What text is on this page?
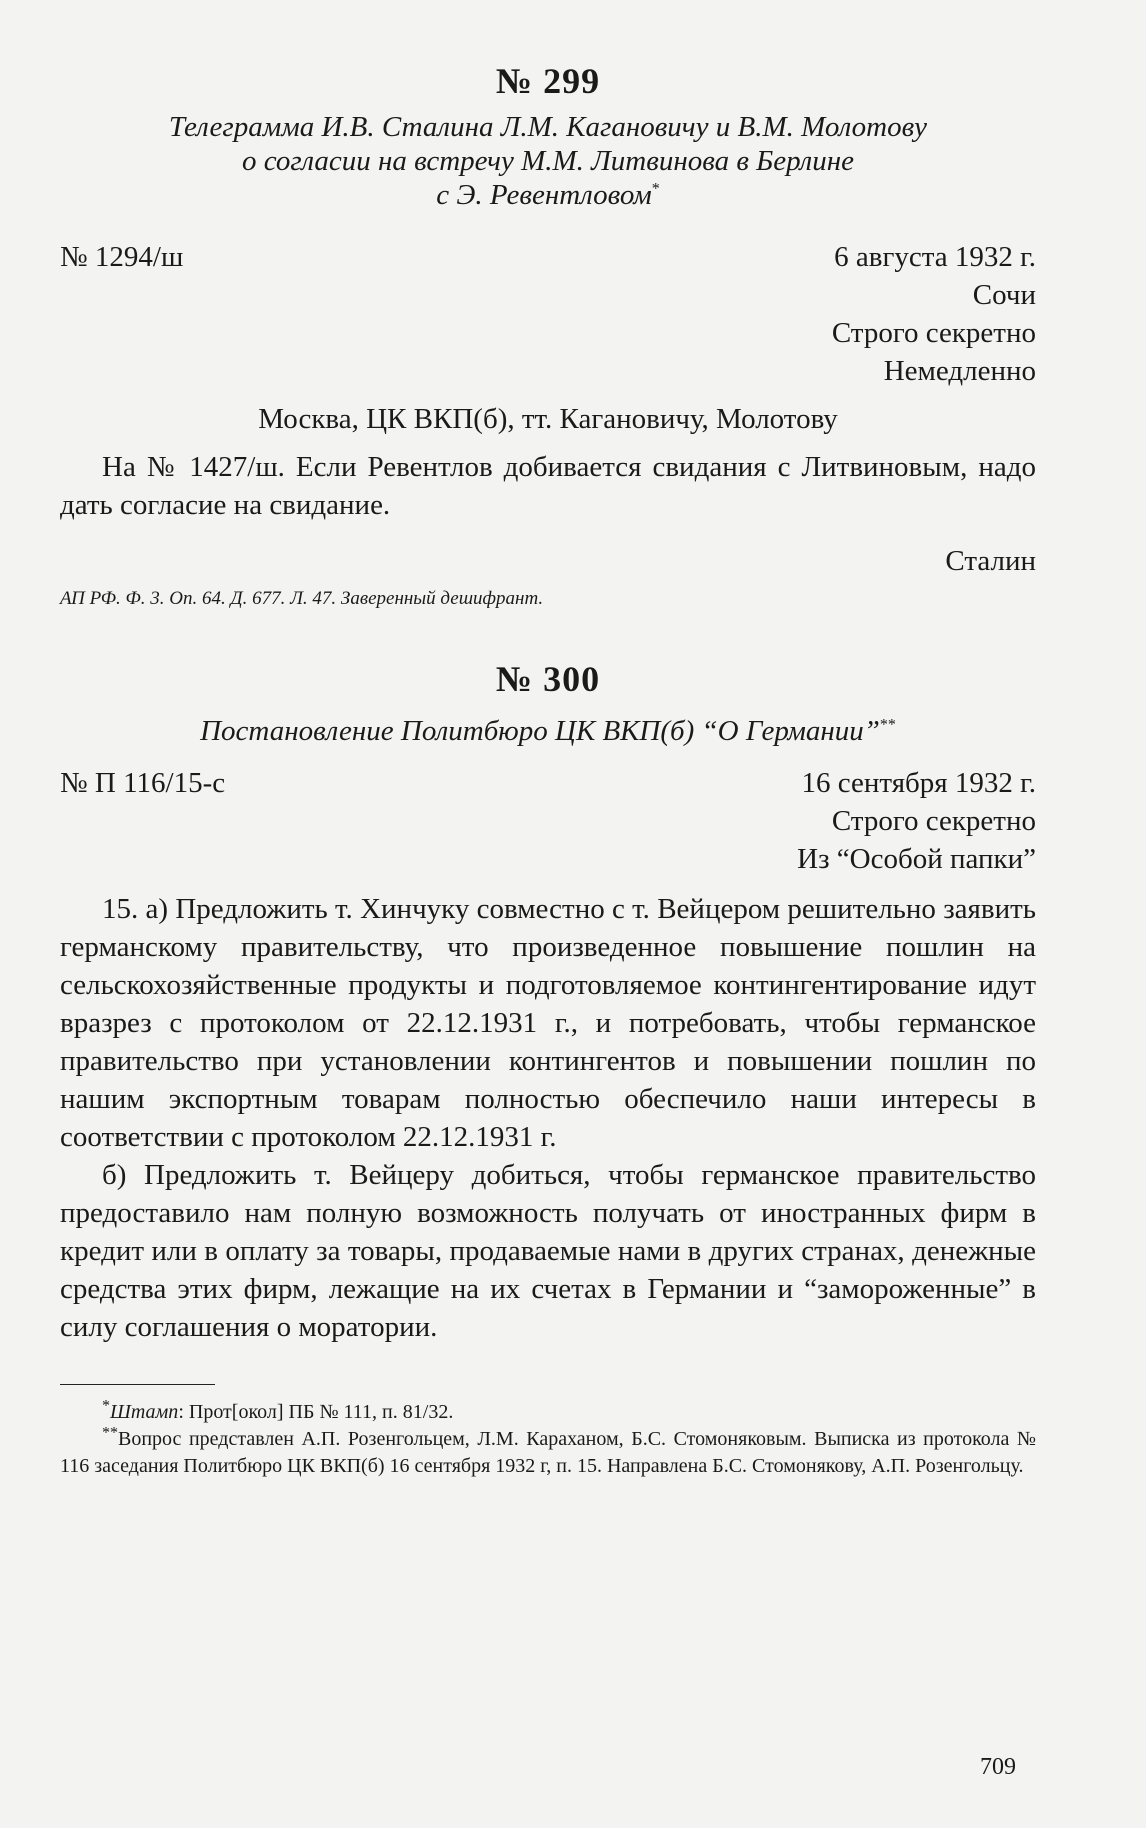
№ 299

Телеграмма И.В. Сталина Л.М. Кагановичу и В.М. Молотову

о согласии на встречу М.М. Литвинова в Берлине

с Э. Ревентловом*

№ 1294/ш	6 августа 1932 г.
Сочи
Строго секретно
Немедленно
Москва, ЦК ВКП(б), тт. Кагановичу, Молотову

На № 1427/ш. Если Ревентлов добивается свидания с Литвиновым, надо дать согласие на свидание.

Сталин
АП РФ. Ф. 3. Оп. 64. Д. 677. Л. 47. Заверенный дешифрант.

№ 300

Постановление Политбюро ЦК ВКП(б) “О Германии”**

№ П 116/15-с	16 сентября 1932 г.
Строго секретно
Из “Особой папки”

15. а) Предложить т. Хинчуку совместно с т. Вейцером решительно заявить германскому правительству, что произведенное повышение пошлин на сельскохозяйственные продукты и подготовляемое контингентирование идут вразрез с протоколом от 22.12.1931 г., и потребовать, чтобы германское правительство при установлении контингентов и повышении пошлин по нашим экспортным товарам полностью обеспечило наши интересы в соответствии с протоколом 22.12.1931 г.

б) Предложить т. Вейцеру добиться, чтобы германское правительство предоставило нам полную возможность получать от иностранных фирм в кредит или в оплату за товары, продаваемые нами в других странах, денежные средства этих фирм, лежащие на их счетах в Германии и “замороженные” в силу соглашения о моратории.

*Штамп: Прот[окол] ПБ № 111, п. 81/32.

**Вопрос представлен А.П. Розенгольцем, Л.М. Караханом, Б.С. Стомоняковым. Выписка из протокола № 116 заседания Политбюро ЦК ВКП(б) 16 сентября 1932 г, п. 15. Направлена Б.С. Стомонякову, А.П. Розенгольцу.

709
